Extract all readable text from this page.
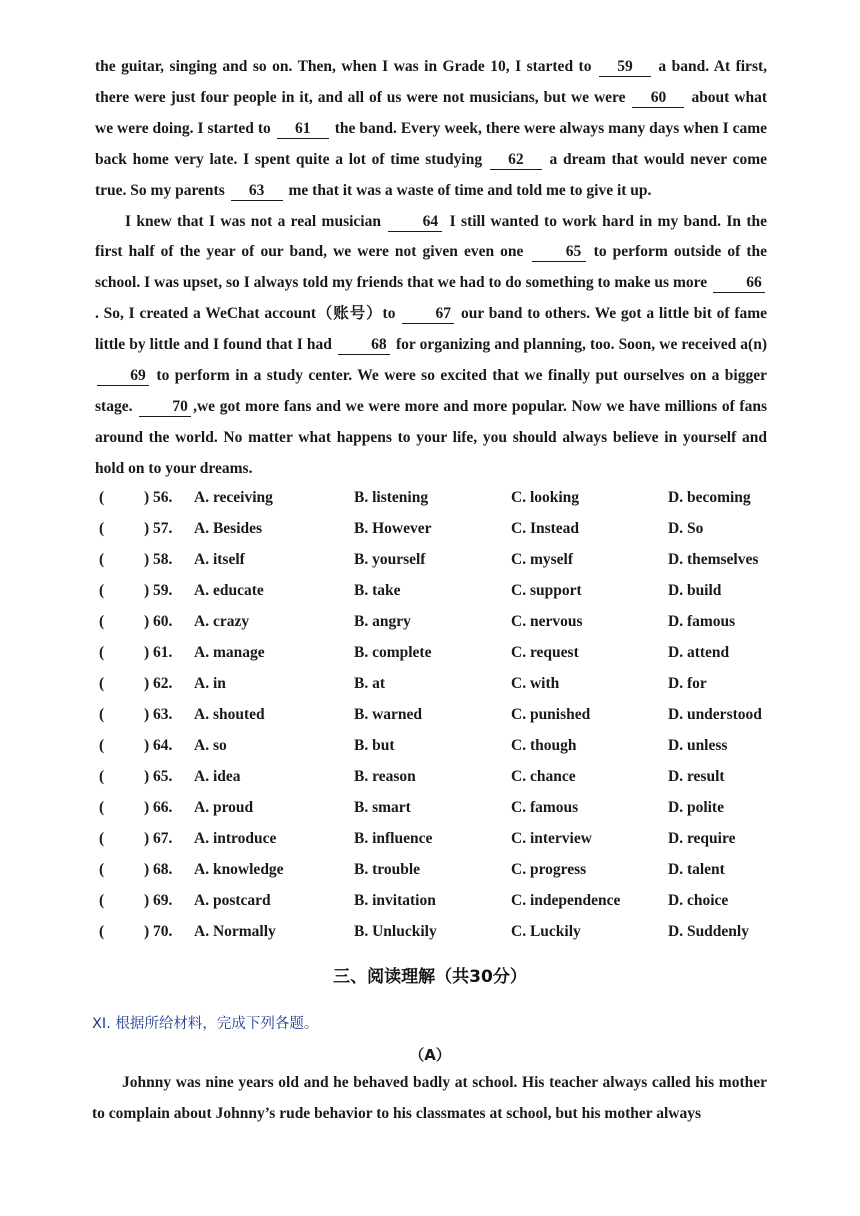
the guitar, singing and so on. Then, when I was in Grade 10, I started to 59 a band. At first, there were just four people in it, and all of us were not musicians, but we were 60 about what we were doing. I started to 61 the band. Every week, there were always many days when I came back home very late. I spent quite a lot of time studying 62 a dream that would never come true. So my parents 63 me that it was a waste of time and told me to give it up.

I knew that I was not a real musician	64 I still wanted to work hard in my band. In the first half of the year of our band, we were not given even one	65 to perform outside of the school. I was upset, so I always told my friends that we had to do something to make us more	66. So, I created a WeChat account（账号）to	67 our band to others. We got a little bit of fame little by little and I found that I had	68 for organizing and planning, too. Soon, we received a(n) 69 to perform in a study center. We were so excited that we finally put ourselves on a bigger stage.	70 ,we got more fans and we were more and more popular. Now we have millions of fans around the world. No matter what happens to your life, you should always believe in yourself and hold on to your dreams.

(	) 56. A. receiving	B. listening	C. looking	D. becoming
(	) 57. A. Besides	B. However	C. Instead	D. So
(	) 58. A. itself	B. yourself	C. myself	D. themselves
(	) 59. A. educate	B. take	C. support	D. build
(	) 60. A. crazy	B. angry	C. nervous	D. famous
(	) 61. A. manage	B. complete	C. request	D. attend
(	) 62. A. in	B. at	C. with	D. for
(	) 63. A. shouted	B. warned	C. punished	D. understood
(	) 64. A. so	B. but	C. though	D. unless
(	) 65. A. idea	B. reason	C. chance	D. result
(	) 66. A. proud	B. smart	C. famous	D. polite
(	) 67. A. introduce	B. influence	C. interview	D. require
(	) 68. A. knowledge	B. trouble	C. progress	D. talent
(	) 69. A. postcard	B. invitation	C. independence	D. choice
(	) 70. A. Normally	B. Unluckily	C. Luckily	D. Suddenly
三、阅读理解（共30分）
XI. 根据所给材料，完成下列各题。
（A）

Johnny was nine years old and he behaved badly at school. His teacher always called his mother to complain about Johnny’s rude behavior to his classmates at school, but his mother always
